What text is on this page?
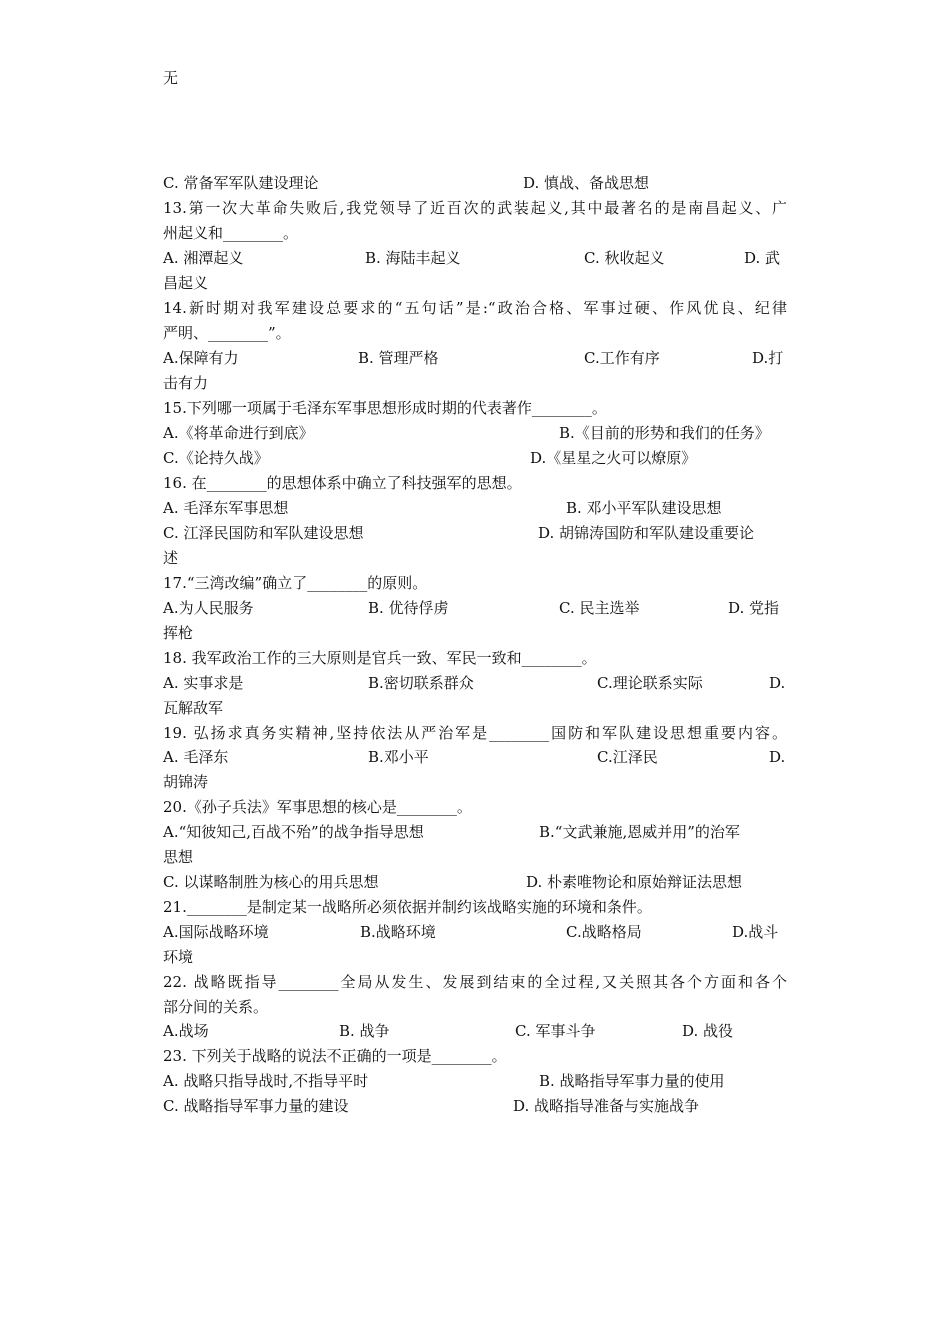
无
C. 常备军军队建设理论	D. 慎战、备战思想
13.第一次大革命失败后,我党领导了近百次的武装起义,其中最著名的是南昌起义、广
州起义和________。
A. 湘潭起义	B. 海陆丰起义	C. 秋收起义	D. 武
昌起义
14.新时期对我军建设总要求的“五句话”是:“政治合格、军事过硬、作风优良、纪律
严明、________”。
A.保障有力	B. 管理严格	C.工作有序	D.打
击有力
15.下列哪一项属于毛泽东军事思想形成时期的代表著作________。
A.《将革命进行到底》	B.《目前的形势和我们的任务》
C.《论持久战》	D.《星星之火可以燎原》
16. 在________的思想体系中确立了科技强军的思想。
A. 毛泽东军事思想	B. 邓小平军队建设思想
C. 江泽民国防和军队建设思想	D. 胡锦涛国防和军队建设重要论
述
17.“三湾改编”确立了________的原则。
A.为人民服务	B. 优待俘虏	C. 民主选举	D. 党指
挥枪
18. 我军政治工作的三大原则是官兵一致、军民一致和________。
A. 实事求是	B.密切联系群众	C.理论联系实际	D.
瓦解敌军
19. 弘扬求真务实精神,坚持依法从严治军是________国防和军队建设思想重要内容。
A. 毛泽东	B.邓小平	C.江泽民	D.
胡锦涛
20.《孙子兵法》军事思想的核心是________。
A.“知彼知己,百战不殆”的战争指导思想	B.“文武兼施,恩威并用”的治军
思想
C. 以谋略制胜为核心的用兵思想	D. 朴素唯物论和原始辩证法思想
21.________是制定某一战略所必须依据并制约该战略实施的环境和条件。
A.国际战略环境	B.战略环境	C.战略格局	D.战斗
环境
22. 战略既指导________全局从发生、发展到结束的全过程,又关照其各个方面和各个
部分间的关系。
A.战场	B. 战争	C. 军事斗争	D. 战役
23. 下列关于战略的说法不正确的一项是________。
A. 战略只指导战时,不指导平时	B. 战略指导军事力量的使用
C. 战略指导军事力量的建设	D. 战略指导准备与实施战争
